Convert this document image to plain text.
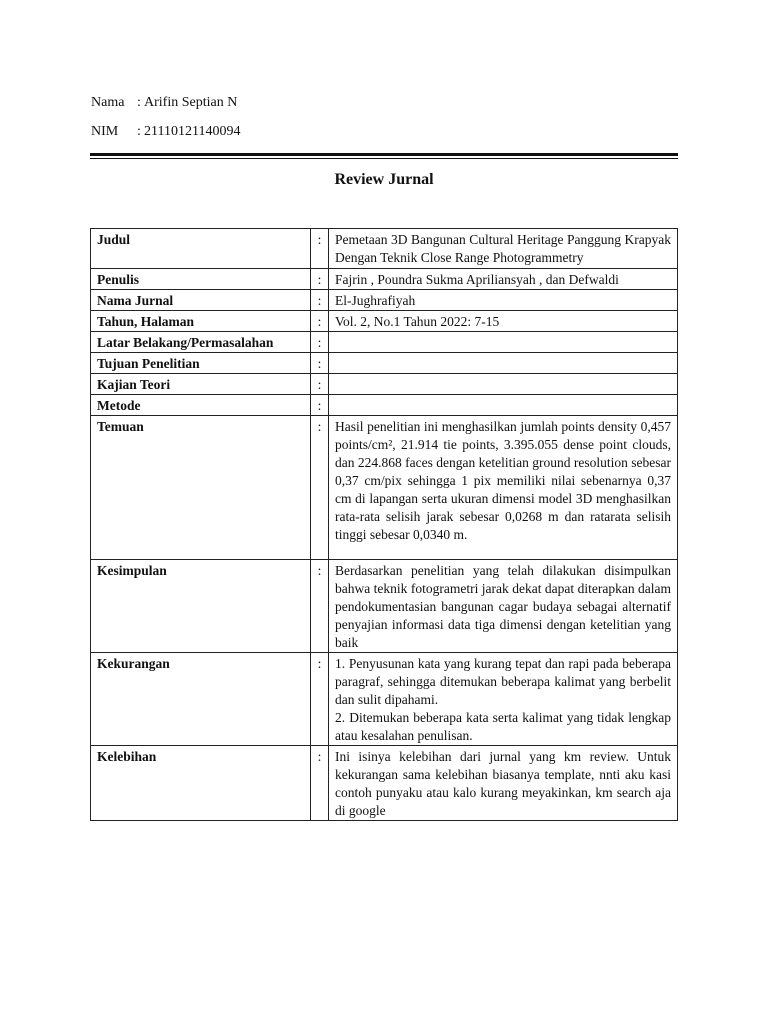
Nama : Arifin Septian N
NIM : 21110121140094
Review Jurnal
Judul	:	Pemetaan 3D Bangunan Cultural Heritage Panggung Krapyak Dengan Teknik Close Range Photogrammetry
Penulis	:	Fajrin , Poundra Sukma Apriliansyah , dan Defwaldi
Nama Jurnal	:	El-Jughrafiyah
Tahun, Halaman	:	Vol. 2, No.1 Tahun 2022: 7-15
Latar Belakang/Permasalahan	:	
Tujuan Penelitian	:	
Kajian Teori	:	
Metode	:	
Temuan	:	Hasil penelitian ini menghasilkan jumlah points density 0,457 points/cm², 21.914 tie points, 3.395.055 dense point clouds, dan 224.868 faces dengan ketelitian ground resolution sebesar 0,37 cm/pix sehingga 1 pix memiliki nilai sebenarnya 0,37 cm di lapangan serta ukuran dimensi model 3D menghasilkan rata-rata selisih jarak sebesar 0,0268 m dan ratarata selisih tinggi sebesar 0,0340 m.
Kesimpulan	:	Berdasarkan penelitian yang telah dilakukan disimpulkan bahwa teknik fotogrametri jarak dekat dapat diterapkan dalam pendokumentasian bangunan cagar budaya sebagai alternatif penyajian informasi data tiga dimensi dengan ketelitian yang baik
Kekurangan	:	1. Penyusunan kata yang kurang tepat dan rapi pada beberapa paragraf, sehingga ditemukan beberapa kalimat yang berbelit dan sulit dipahami.
2. Ditemukan beberapa kata serta kalimat yang tidak lengkap atau kesalahan penulisan.

Kelebihan	:	Ini isinya kelebihan dari jurnal yang km review. Untuk kekurangan sama kelebihan biasanya template, nnti aku kasi contoh punyaku atau kalo kurang meyakinkan, km search aja di google
